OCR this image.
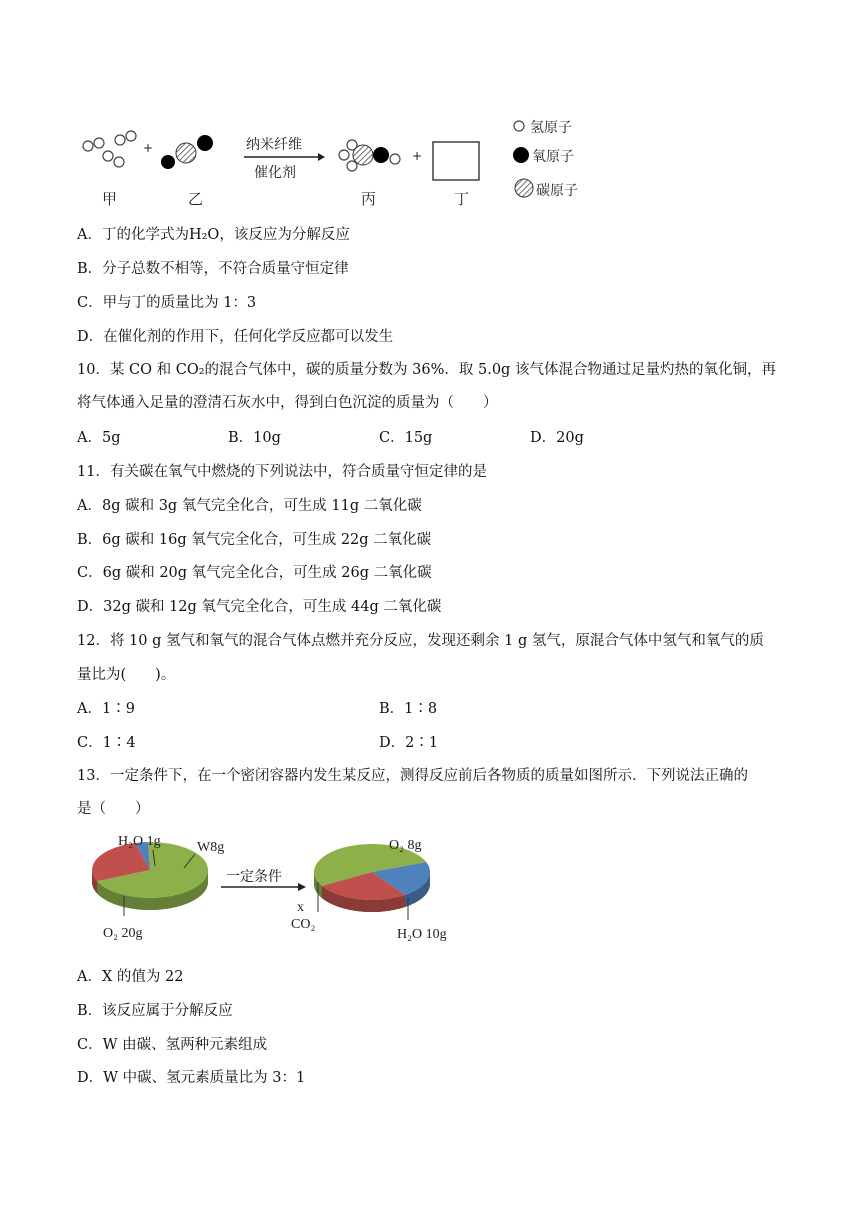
+
+
甲	乙	丙	丁
纳米纤维
催化剂
氢原子
氧原子
碳原子
A．丁的化学式为H₂O，该反应为分解反应
B．分子总数不相等，不符合质量守恒定律
C．甲与丁的质量比为 1：3
D．在催化剂的作用下，任何化学反应都可以发生
10．某 CO 和 CO₂的混合气体中，碳的质量分数为 36%．取 5.0g 该气体混合物通过足量灼热的氧化铜，再
将气体通入足量的澄清石灰水中，得到白色沉淀的质量为（　　）
A．5g	B．10g	C．15g	D．20g
11．有关碳在氧气中燃烧的下列说法中，符合质量守恒定律的是
A．8g 碳和 3g 氧气完全化合，可生成 11g 二氧化碳
B．6g 碳和 16g 氧气完全化合，可生成 22g 二氧化碳
C．6g 碳和 20g 氧气完全化合，可生成 26g 二氧化碳
D．32g 碳和 12g 氧气完全化合，可生成 44g 二氧化碳
12．将 10 g 氢气和氧气的混合气体点燃并充分反应，发现还剩余 1 g 氢气，原混合气体中氢气和氧气的质
量比为(　　)。
A．1∶9	B．1∶8
C．1∶4	D．2∶1
13．一定条件下，在一个密闭容器内发生某反应，测得反应前后各物质的质量如图所示．下列说法正确的
是（　　）
H₂O 1g	W8g
O₂ 20g
一定条件
O₂ 8g
x
CO₂
H₂O 10g
A．X 的值为 22
B．该反应属于分解反应
C．W 由碳、氢两种元素组成
D．W 中碳、氢元素质量比为 3：1
